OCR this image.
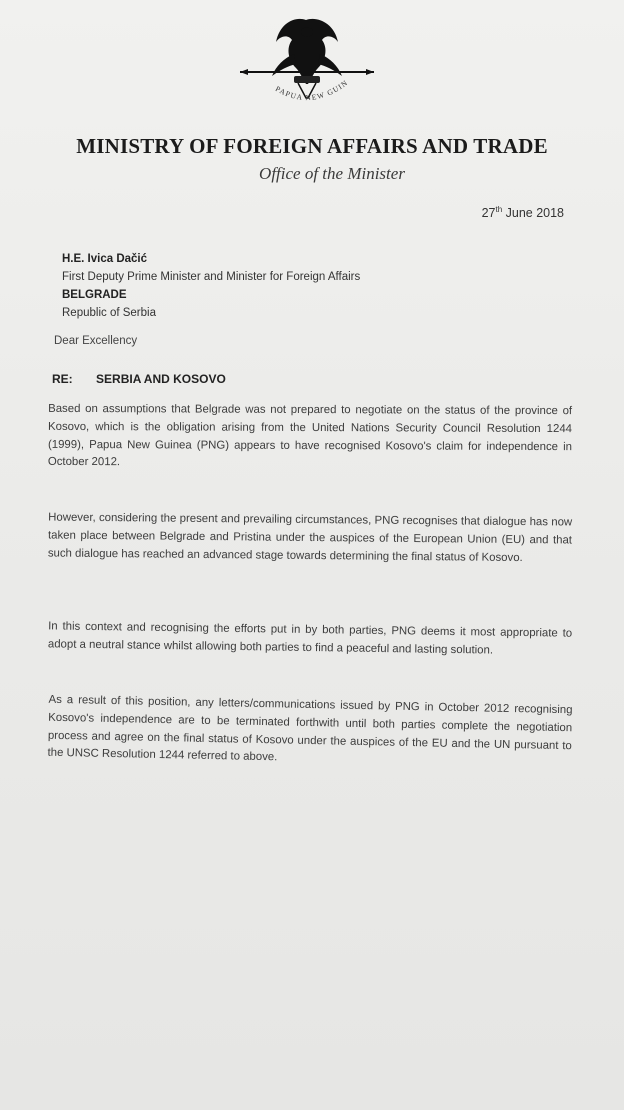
PAPUA NEW GUIN
MINISTRY OF FOREIGN AFFAIRS AND TRADE
Office of the Minister
27th June 2018
H.E. Ivica Dačić
First Deputy Prime Minister and Minister for Foreign Affairs
BELGRADE
Republic of Serbia
Dear Excellency
RE: SERBIA AND KOSOVO

Based on assumptions that Belgrade was not prepared to negotiate on the status of the province of Kosovo, which is the obligation arising from the United Nations Security Council Resolution 1244 (1999), Papua New Guinea (PNG) appears to have recognised Kosovo's claim for independence in October 2012.

However, considering the present and prevailing circumstances, PNG recognises that dialogue has now taken place between Belgrade and Pristina under the auspices of the European Union (EU) and that such dialogue has reached an advanced stage towards determining the final status of Kosovo.

In this context and recognising the efforts put in by both parties, PNG deems it most appropriate to adopt a neutral stance whilst allowing both parties to find a peaceful and lasting solution.

As a result of this position, any letters/communications issued by PNG in October 2012 recognising Kosovo's independence are to be terminated forthwith until both parties complete the negotiation process and agree on the final status of Kosovo under the auspices of the EU and the UN pursuant to the UNSC Resolution 1244 referred to above.
